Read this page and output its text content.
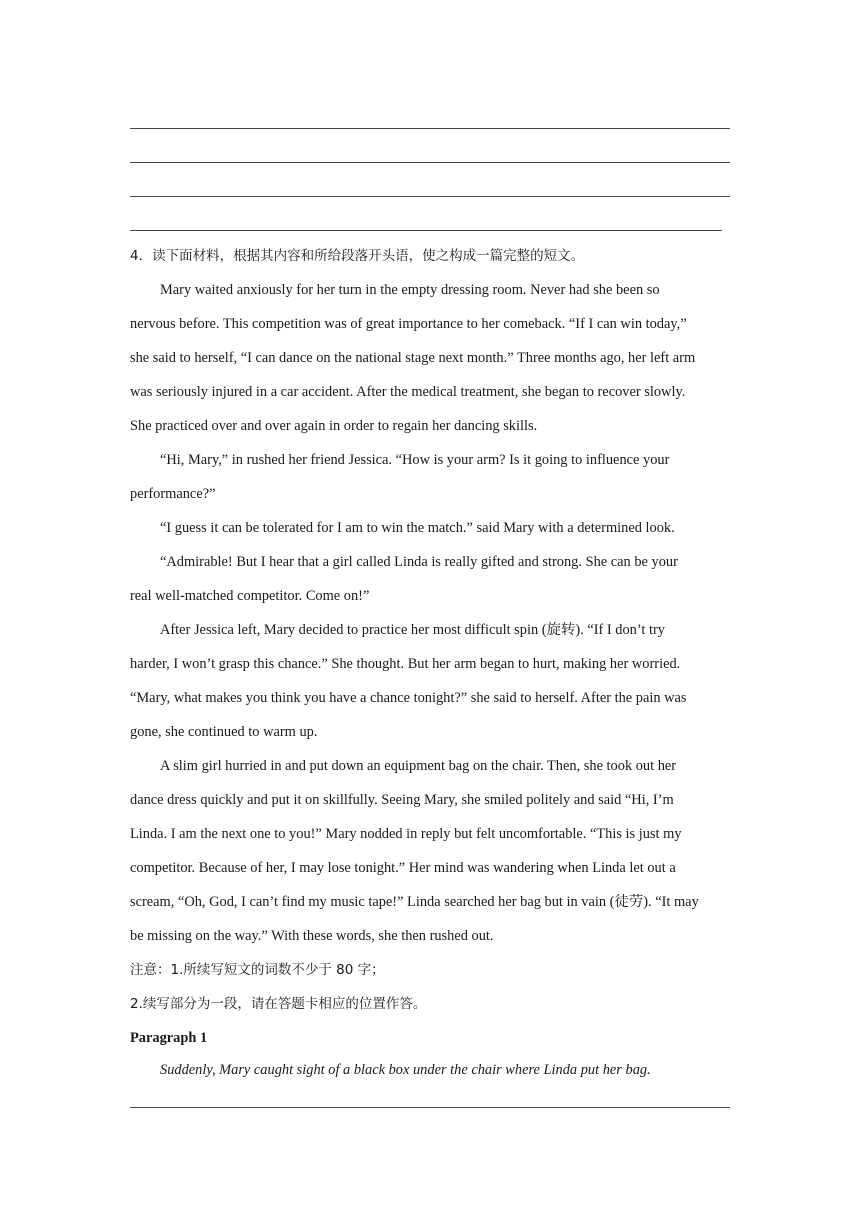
4．读下面材料，根据其内容和所给段落开头语，使之构成一篇完整的短文。
Mary waited anxiously for her turn in the empty dressing room. Never had she been so
nervous before. This competition was of great importance to her comeback. “If I can win today,”
she said to herself, “I can dance on the national stage next month.” Three months ago, her left arm
was seriously injured in a car accident. After the medical treatment, she began to recover slowly.
She practiced over and over again in order to regain her dancing skills.
“Hi, Mary,” in rushed her friend Jessica. “How is your arm? Is it going to influence your
performance?”
“I guess it can be tolerated for I am to win the match.” said Mary with a determined look.
“Admirable! But I hear that a girl called Linda is really gifted and strong. She can be your
real well-matched competitor. Come on!”
After Jessica left, Mary decided to practice her most difficult spin (旋转). “If I don’t try
harder, I won’t grasp this chance.” She thought. But her arm began to hurt, making her worried.
“Mary, what makes you think you have a chance tonight?” she said to herself. After the pain was
gone, she continued to warm up.
A slim girl hurried in and put down an equipment bag on the chair. Then, she took out her
dance dress quickly and put it on skillfully. Seeing Mary, she smiled politely and said “Hi, I’m
Linda. I am the next one to you!” Mary nodded in reply but felt uncomfortable. “This is just my
competitor. Because of her, I may lose tonight.” Her mind was wandering when Linda let out a
scream, “Oh, God, I can’t find my music tape!” Linda searched her bag but in vain (徒劳). “It may
be missing on the way.” With these words, she then rushed out.
注意：1.所续写短文的词数不少于 80 字；
2.续写部分为一段，请在答题卡相应的位置作答。
Paragraph 1
Suddenly, Mary caught sight of a black box under the chair where Linda put her bag.
